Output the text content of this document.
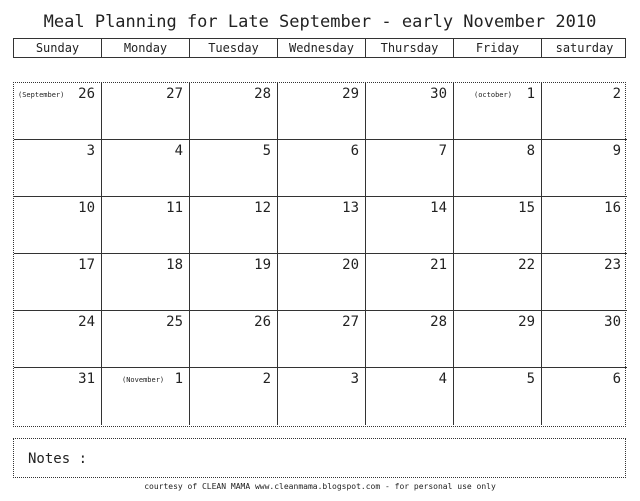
Meal Planning for Late September - early November 2010
Sunday	Monday	Tuesday	Wednesday	Thursday	Friday	saturday
(September) 26	27	28	29	30	(october) 1	2
3	4	5	6	7	8	9
10	11	12	13	14	15	16
17	18	19	20	21	22	23
24	25	26	27	28	29	30
31	(November) 1	2	3	4	5	6
Notes :
courtesy of CLEAN MAMA www.cleanmama.blogspot.com - for personal use only
